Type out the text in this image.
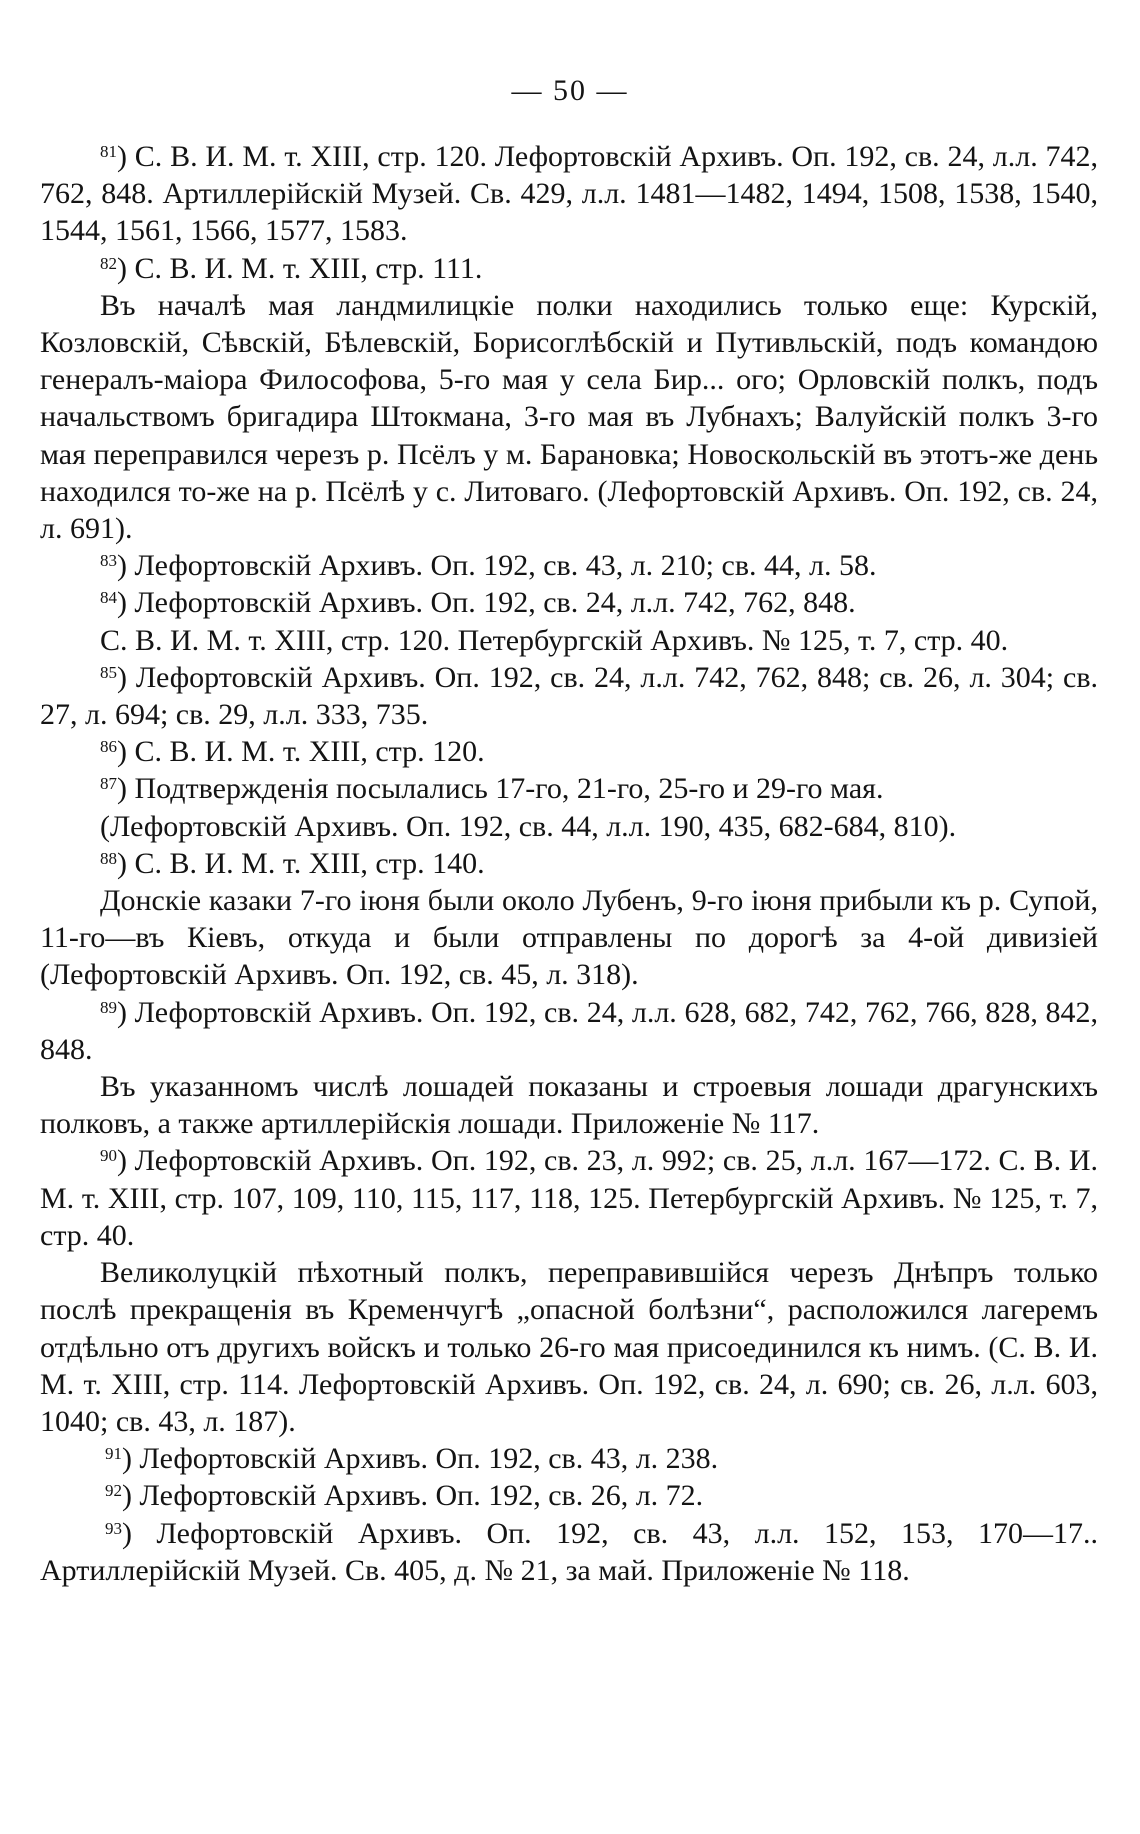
— 50 —

$^{81}$) С. В. И. М. т. XIII, стр. 120. Лефортовскій Архивъ. Оп. 192, св. 24, л.л. 742, 762, 848. Артиллерійскій Музей. Св. 429, л.л. 1481—1482, 1494, 1508, 1538, 1540, 1544, 1561, 1566, 1577, 1583.

$^{82}$) С. В. И. М. т. XIII, стр. 111.

Въ началѣ мая ландмилицкіе полки находились только еще: Курскій, Козловскій, Сѣвскій, Бѣлевскій, Борисоглѣбскій и Путивльскій, подъ командою генералъ-маіора Философова, 5-го мая у села Бир... ого; Орловскій полкъ, подъ начальствомъ бригадира Штокмана, 3-го мая въ Лубнахъ; Валуйскій полкъ 3-го мая переправился черезъ р. Псёлъ у м. Барановка; Новоскольскій въ этотъ-же день находился то-же на р. Псёлѣ у с. Литоваго. (Лефортовскій Архивъ. Оп. 192, св. 24, л. 691).

$^{83}$) Лефортовскій Архивъ. Оп. 192, св. 43, л. 210; св. 44, л. 58.

$^{84}$) Лефортовскій Архивъ. Оп. 192, св. 24, л.л. 742, 762, 848.

С. В. И. М. т. XIII, стр. 120. Петербургскій Архивъ. № 125, т. 7, стр. 40.

$^{85}$) Лефортовскій Архивъ. Оп. 192, св. 24, л.л. 742, 762, 848; св. 26, л. 304; св. 27, л. 694; св. 29, л.л. 333, 735.

$^{86}$) С. В. И. М. т. XIII, стр. 120.

$^{87}$) Подтвержденія посылались 17-го, 21-го, 25-го и 29-го мая.

(Лефортовскій Архивъ. Оп. 192, св. 44, л.л. 190, 435, 682-684, 810).

$^{88}$) С. В. И. М. т. XIII, стр. 140.

Донскіе казаки 7-го іюня были около Лубенъ, 9-го іюня прибыли къ р. Супой, 11-го—въ Кіевъ, откуда и были отправлены по дорогѣ за 4-ой дивизіей (Лефортовскій Архивъ. Оп. 192, св. 45, л. 318).

$^{89}$) Лефортовскій Архивъ. Оп. 192, св. 24, л.л. 628, 682, 742, 762, 766, 828, 842, 848.

Въ указанномъ числѣ лошадей показаны и строевыя лошади драгунскихъ полковъ, а также артиллерійскія лошади. Приложеніе № 117.

$^{90}$) Лефортовскій Архивъ. Оп. 192, св. 23, л. 992; св. 25, л.л. 167—172. С. В. И. М. т. XIII, стр. 107, 109, 110, 115, 117, 118, 125. Петербургскій Архивъ. № 125, т. 7, стр. 40.

Великолуцкій пѣхотный полкъ, переправившійся черезъ Днѣпръ только послѣ прекращенія въ Кременчугѣ „опасной болѣзни“, расположился лагеремъ отдѣльно отъ другихъ войскъ и только 26-го мая присоединился къ нимъ. (С. В. И. М. т. XIII, стр. 114. Лефортовскій Архивъ. Оп. 192, св. 24, л. 690; св. 26, л.л. 603, 1040; св. 43, л. 187).

$^{91}$) Лефортовскій Архивъ. Оп. 192, св. 43, л. 238.

$^{92}$) Лефортовскій Архивъ. Оп. 192, св. 26, л. 72.

$^{93}$) Лефортовскій Архивъ. Оп. 192, св. 43, л.л. 152, 153, 170—17.. Артиллерійскій Музей. Св. 405, д. № 21, за май. Приложеніе № 118.
